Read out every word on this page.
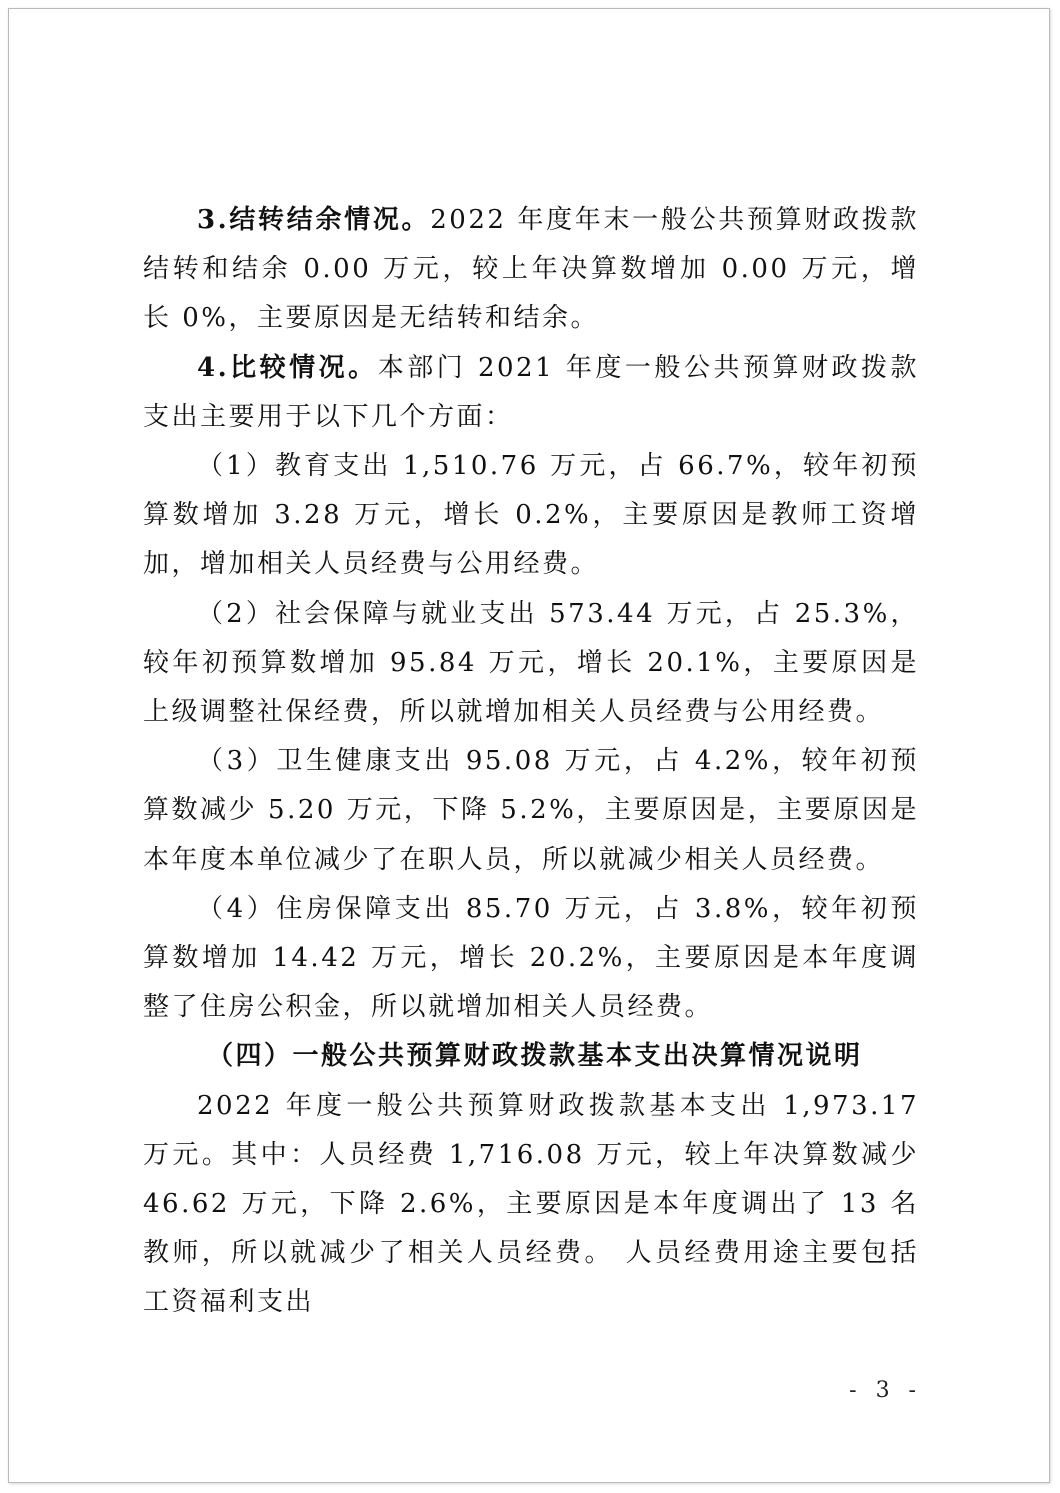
3.结转结余情况。2022 年度年末一般公共预算财政拨款结转和结余 0.00 万元，较上年决算数增加 0.00 万元，增长 0%，主要原因是无结转和结余。

4.比较情况。本部门 2021 年度一般公共预算财政拨款支出主要用于以下几个方面：

（1）教育支出 1,510.76 万元，占 66.7%，较年初预算数增加 3.28 万元，增长 0.2%，主要原因是教师工资增加，增加相关人员经费与公用经费。

（2）社会保障与就业支出 573.44 万元，占 25.3%，较年初预算数增加 95.84 万元，增长 20.1%，主要原因是上级调整社保经费，所以就增加相关人员经费与公用经费。

（3）卫生健康支出 95.08 万元，占 4.2%，较年初预算数减少 5.20 万元，下降 5.2%，主要原因是，主要原因是本年度本单位减少了在职人员，所以就减少相关人员经费。

（4）住房保障支出 85.70 万元，占 3.8%，较年初预算数增加 14.42 万元，增长 20.2%，主要原因是本年度调整了住房公积金，所以就增加相关人员经费。

（四）一般公共预算财政拨款基本支出决算情况说明

2022 年度一般公共预算财政拨款基本支出 1,973.17 万元。其中：人员经费 1,716.08 万元，较上年决算数减少 46.62 万元，下降 2.6%，主要原因是本年度调出了 13 名教师，所以就减少了相关人员经费。 人员经费用途主要包括工资福利支出

- 3 -
